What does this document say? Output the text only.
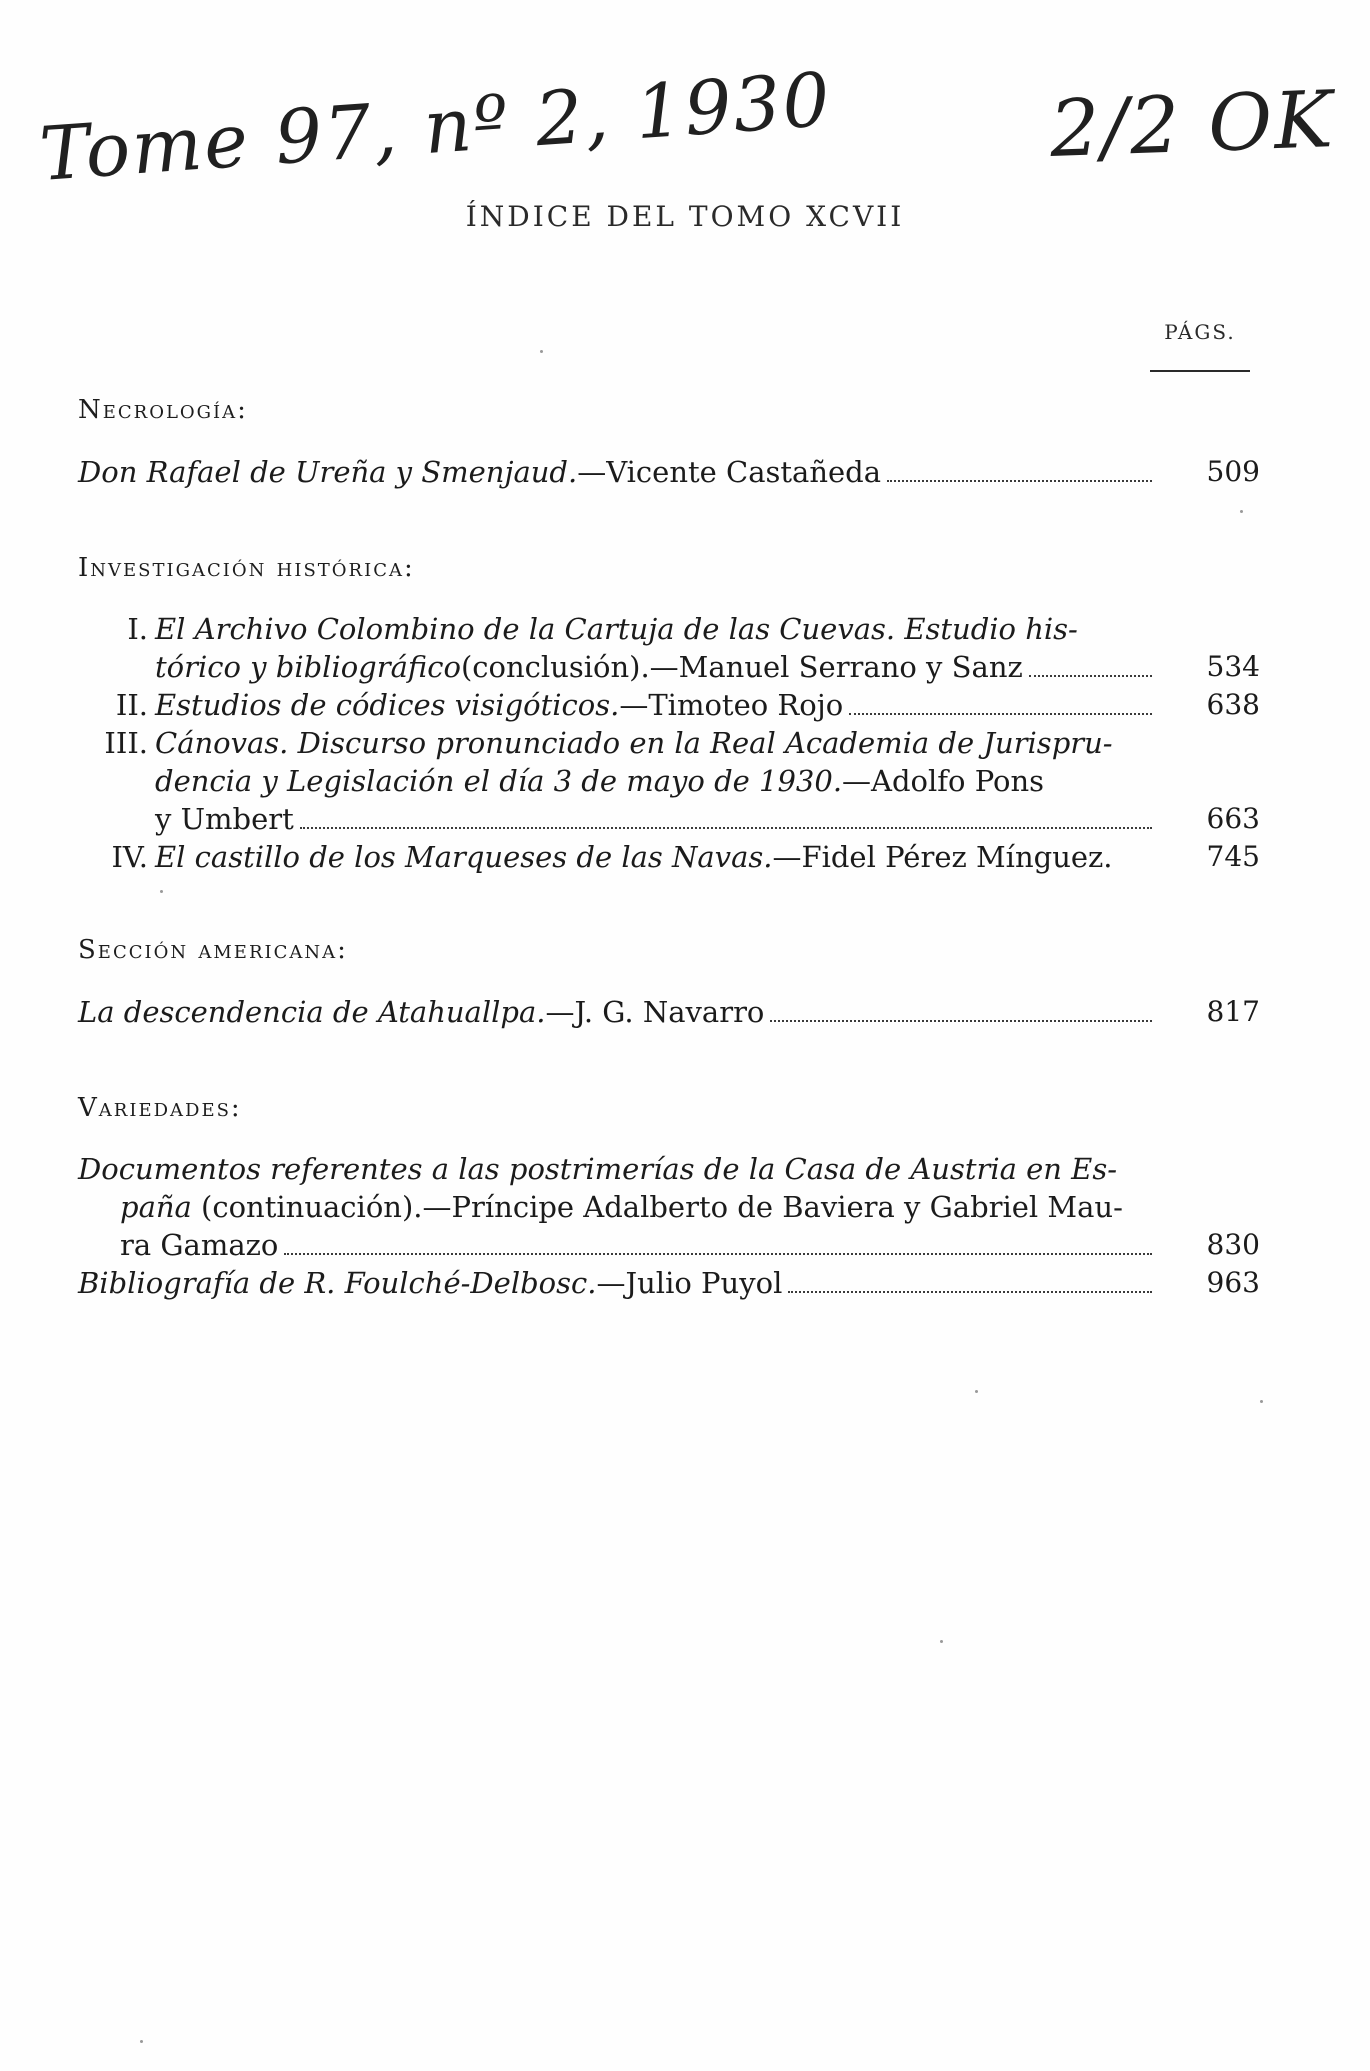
Tome 97, nº 2, 1930	2/2 OK
ÍNDICE DEL TOMO XCVII
PÁGS.
Necrología:
Don Rafael de Ureña y Smenjaud. — Vicente Castañeda	509
Investigación histórica:
I. El Archivo Colombino de la Cartuja de las Cuevas. Estudio his-
tórico y bibliográfico (conclusión).—Manuel Serrano y Sanz	534
II. Estudios de códices visigóticos. —Timoteo Rojo	638
III. Cánovas. Discurso pronunciado en la Real Academia de Jurispru-
dencia y Legislación el día 3 de mayo de 1930.—Adolfo Pons
y Umbert	663
IV. El castillo de los Marqueses de las Navas.—Fidel Pérez Mínguez.	745
Sección americana:
La descendencia de Atahuallpa. —J. G. Navarro	817
Variedades:
Documentos referentes a las postrimerías de la Casa de Austria en Es-
paña (continuación).—Príncipe Adalberto de Baviera y Gabriel Mau-
ra Gamazo	830
Bibliografía de R. Foulché-Delbosc. —Julio Puyol	963
